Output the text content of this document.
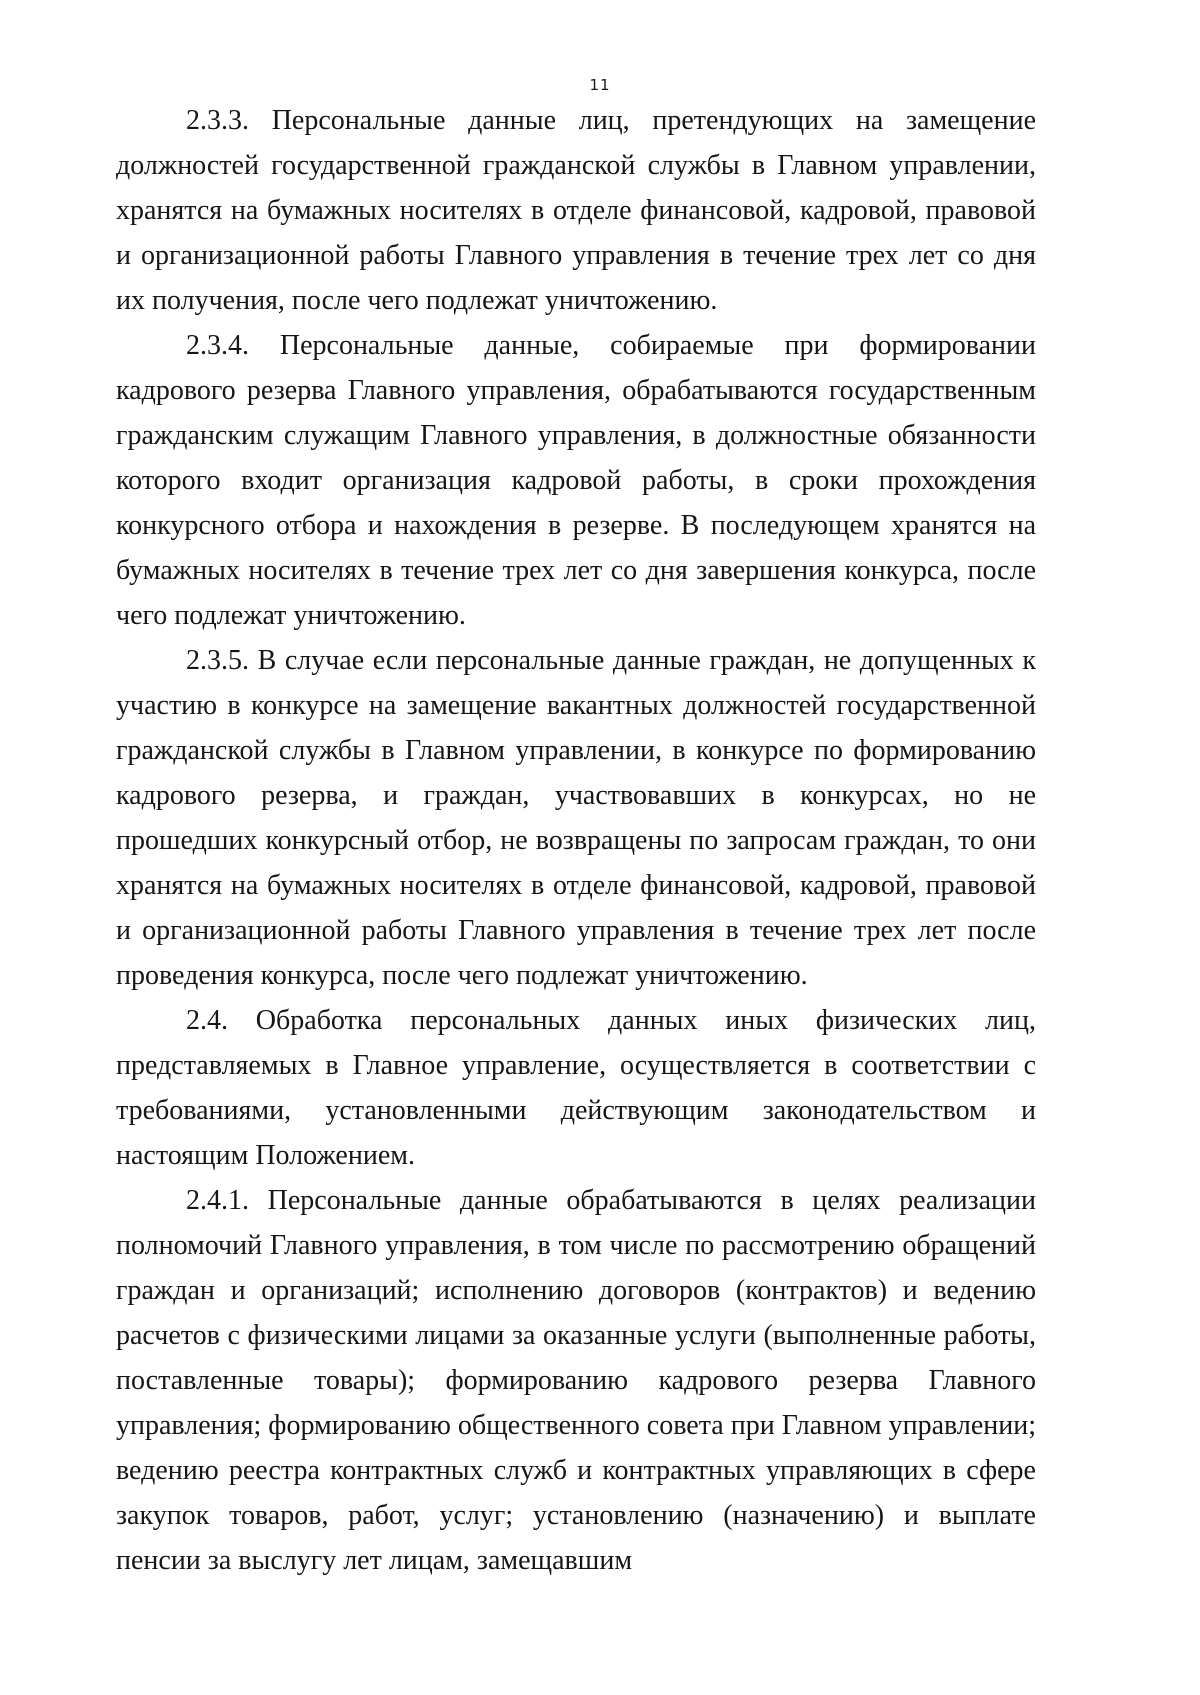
11

2.3.3. Персональные данные лиц, претендующих на замещение должностей государственной гражданской службы в Главном управлении, хранятся на бумажных носителях в отделе финансовой, кадровой, правовой и организационной работы Главного управления в течение трех лет со дня их получения, после чего подлежат уничтожению.

2.3.4. Персональные данные, собираемые при формировании кадрового резерва Главного управления, обрабатываются государственным гражданским служащим Главного управления, в должностные обязанности которого входит организация кадровой работы, в сроки прохождения конкурсного отбора и нахождения в резерве. В последующем хранятся на бумажных носителях в течение трех лет со дня завершения конкурса, после чего подлежат уничтожению.

2.3.5. В случае если персональные данные граждан, не допущенных к участию в конкурсе на замещение вакантных должностей государственной гражданской службы в Главном управлении, в конкурсе по формированию кадрового резерва, и граждан, участвовавших в конкурсах, но не прошедших конкурсный отбор, не возвращены по запросам граждан, то они хранятся на бумажных носителях в отделе финансовой, кадровой, правовой и организационной работы Главного управления в течение трех лет после проведения конкурса, после чего подлежат уничтожению.

2.4. Обработка персональных данных иных физических лиц, представляемых в Главное управление, осуществляется в соответствии с требованиями, установленными действующим законодательством и настоящим Положением.

2.4.1. Персональные данные обрабатываются в целях реализации полномочий Главного управления, в том числе по рассмотрению обращений граждан и организаций; исполнению договоров (контрактов) и ведению расчетов с физическими лицами за оказанные услуги (выполненные работы, поставленные товары); формированию кадрового резерва Главного управления; формированию общественного совета при Главном управлении; ведению реестра контрактных служб и контрактных управляющих в сфере закупок товаров, работ, услуг; установлению (назначению) и выплате пенсии за выслугу лет лицам, замещавшим
